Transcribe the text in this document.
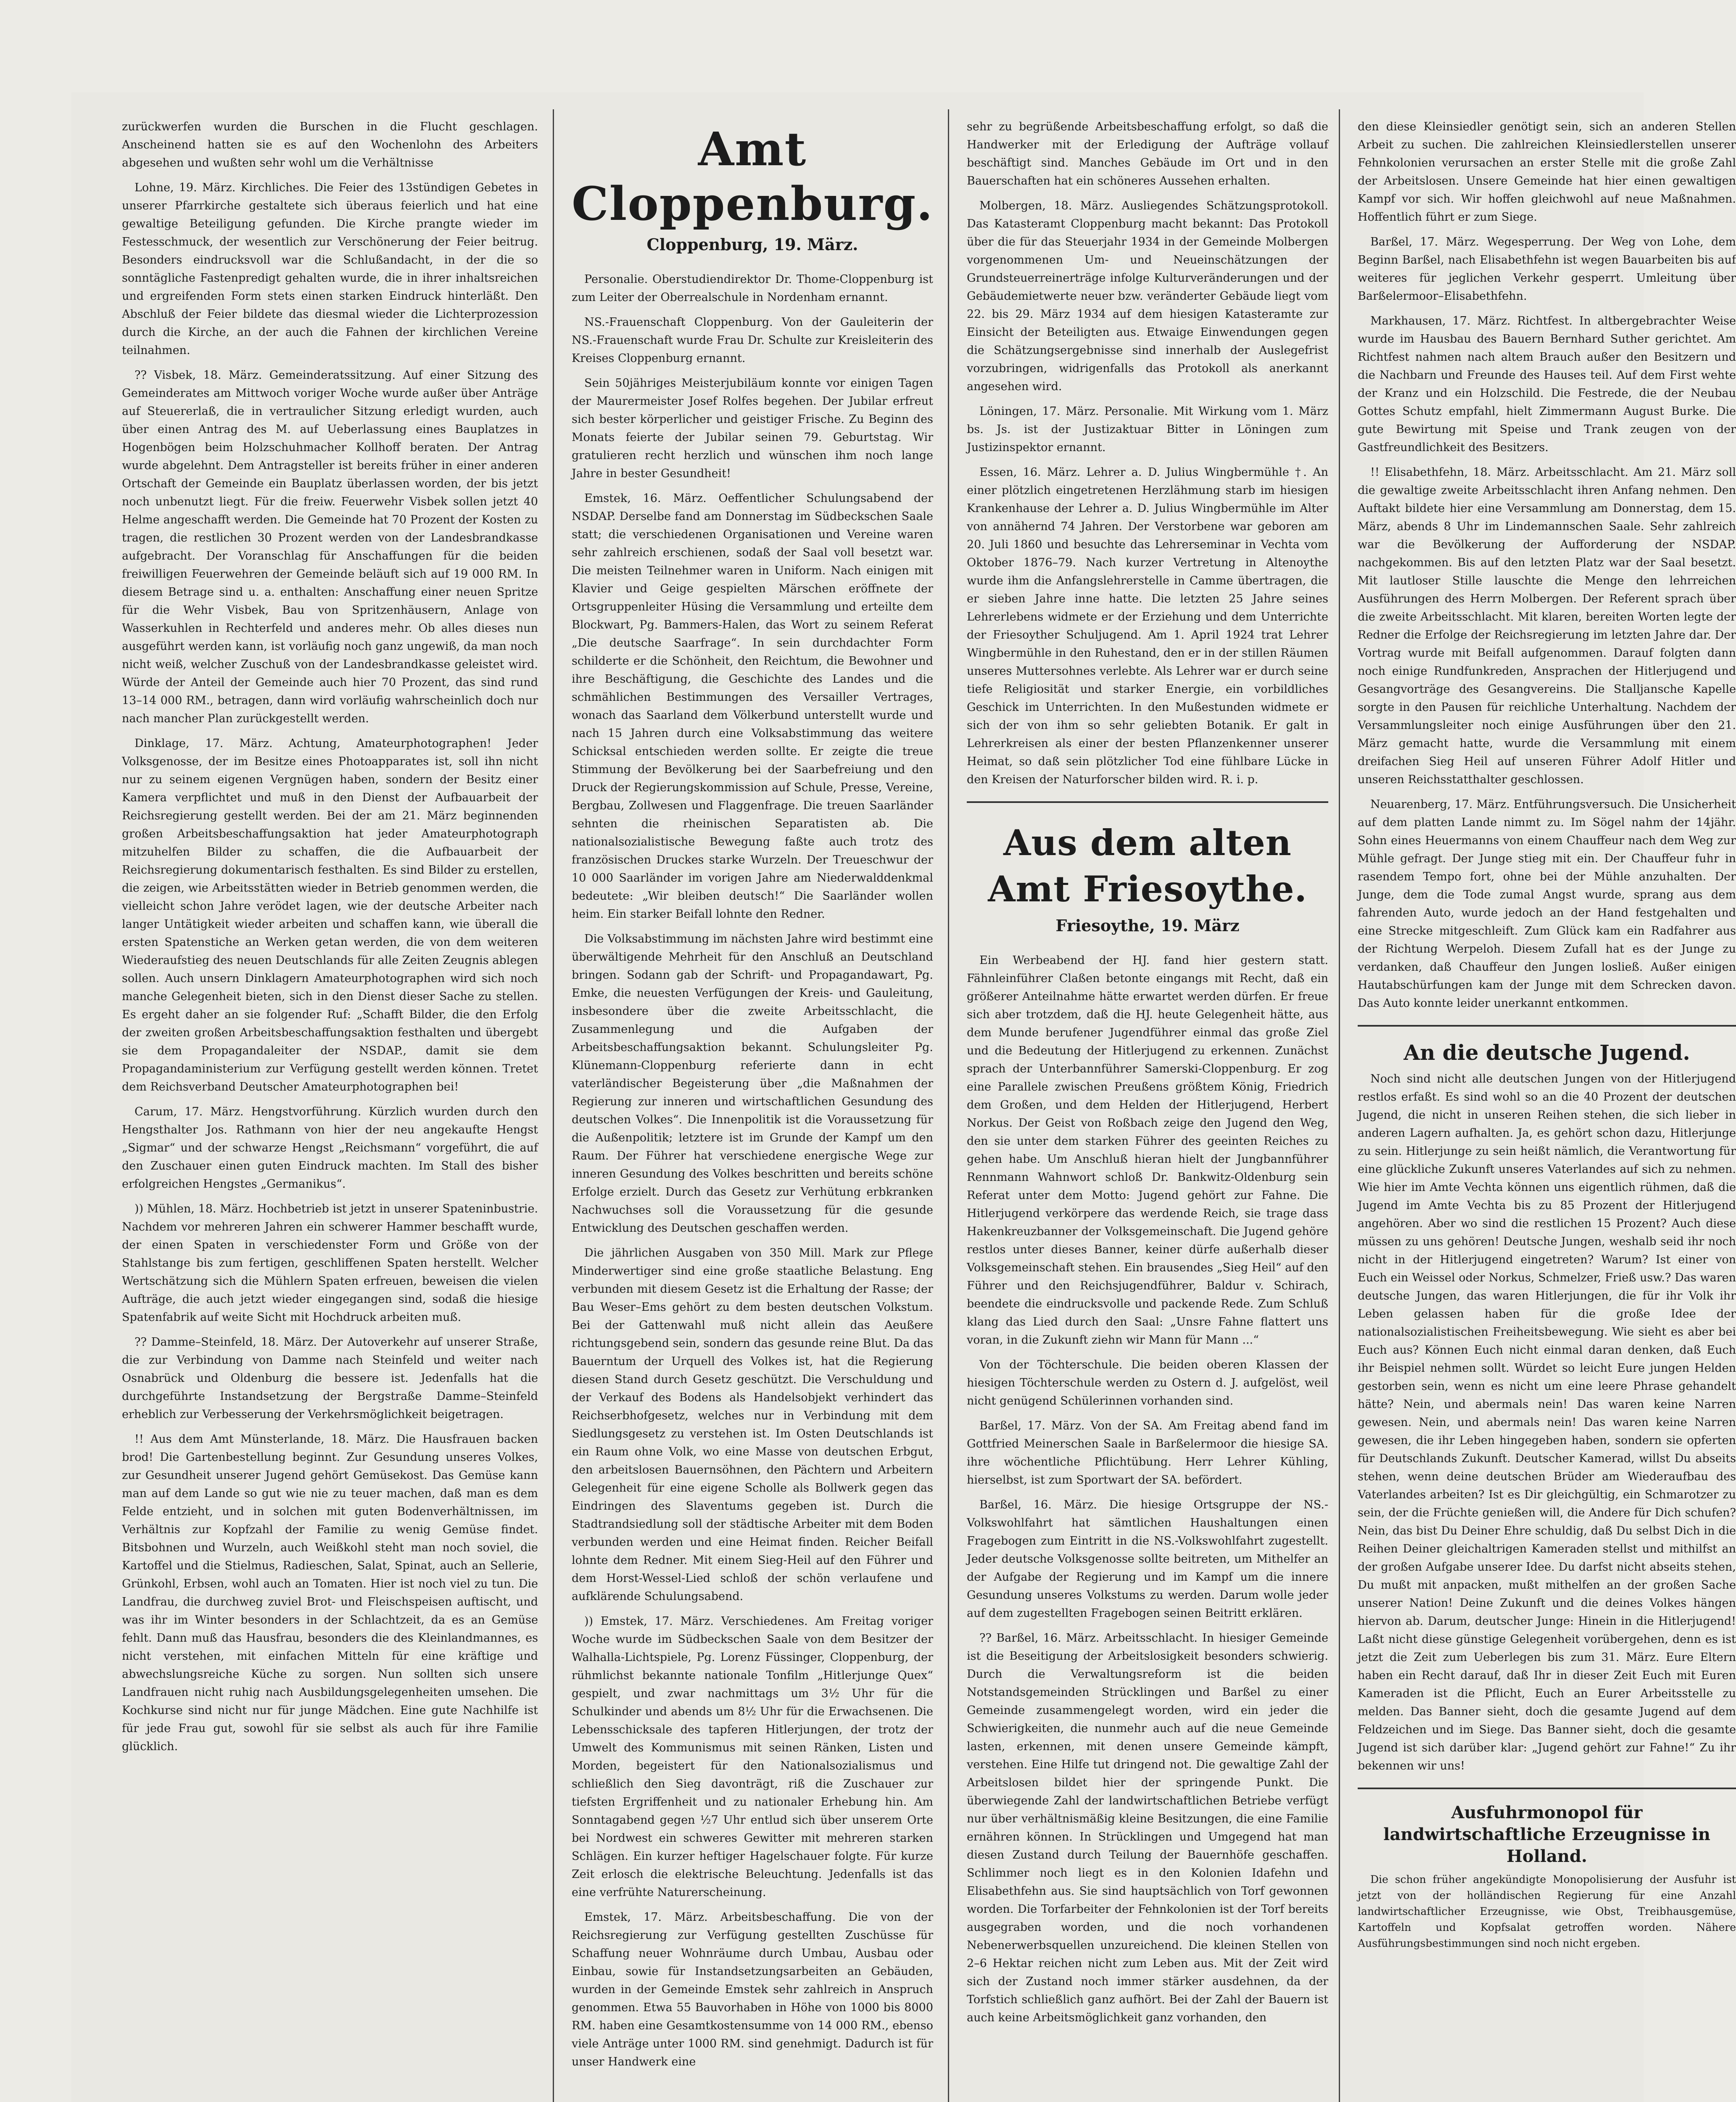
zurückwerfen wurden die Burschen in die Flucht geschlagen. Anscheinend hatten sie es auf den Wochenlohn des Arbeiters abgesehen und wußten sehr wohl um die Verhältnisse

Lohne, 19. März. Kirchliches. Die Feier des 13stündigen Gebetes in unserer Pfarrkirche gestaltete sich überaus feierlich und hat eine gewaltige Beteiligung gefunden. Die Kirche prangte wieder im Festesschmuck, der wesentlich zur Verschönerung der Feier beitrug. Besonders eindrucksvoll war die Schlußandacht, in der die so sonntägliche Fastenpredigt gehalten wurde, die in ihrer inhaltsreichen und ergreifenden Form stets einen starken Eindruck hinterläßt. Den Abschluß der Feier bildete das diesmal wieder die Lichterprozession durch die Kirche, an der auch die Fahnen der kirchlichen Vereine teilnahmen.

?? Visbek, 18. März. Gemeinderatssitzung. Auf einer Sitzung des Gemeinderates am Mittwoch voriger Woche wurde außer über Anträge auf Steuererlaß, die in vertraulicher Sitzung erledigt wurden, auch über einen Antrag des M. auf Ueberlassung eines Bauplatzes in Hogenbögen beim Holzschuhmacher Kollhoff beraten. Der Antrag wurde abgelehnt. Dem Antragsteller ist bereits früher in einer anderen Ortschaft der Gemeinde ein Bauplatz überlassen worden, der bis jetzt noch unbenutzt liegt. Für die freiw. Feuerwehr Visbek sollen jetzt 40 Helme angeschafft werden. Die Gemeinde hat 70 Prozent der Kosten zu tragen, die restlichen 30 Prozent werden von der Landesbrandkasse aufgebracht. Der Voranschlag für Anschaffungen für die beiden freiwilligen Feuerwehren der Gemeinde beläuft sich auf 19 000 RM. In diesem Betrage sind u. a. enthalten: Anschaffung einer neuen Spritze für die Wehr Visbek, Bau von Spritzenhäusern, Anlage von Wasserkuhlen in Rechterfeld und anderes mehr. Ob alles dieses nun ausgeführt werden kann, ist vorläufig noch ganz ungewiß, da man noch nicht weiß, welcher Zuschuß von der Landesbrandkasse geleistet wird. Würde der Anteil der Gemeinde auch hier 70 Prozent, das sind rund 13–14 000 RM., betragen, dann wird vorläufig wahrscheinlich doch nur nach mancher Plan zurückgestellt werden.

Dinklage, 17. März. Achtung, Amateurphotographen! Jeder Volksgenosse, der im Besitze eines Photoapparates ist, soll ihn nicht nur zu seinem eigenen Vergnügen haben, sondern der Besitz einer Kamera verpflichtet und muß in den Dienst der Aufbauarbeit der Reichsregierung gestellt werden. Bei der am 21. März beginnenden großen Arbeitsbeschaffungsaktion hat jeder Amateurphotograph mitzuhelfen Bilder zu schaffen, die die Aufbauarbeit der Reichsregierung dokumentarisch festhalten. Es sind Bilder zu erstellen, die zeigen, wie Arbeitsstätten wieder in Betrieb genommen werden, die vielleicht schon Jahre verödet lagen, wie der deutsche Arbeiter nach langer Untätigkeit wieder arbeiten und schaffen kann, wie überall die ersten Spatenstiche an Werken getan werden, die von dem weiteren Wiederaufstieg des neuen Deutschlands für alle Zeiten Zeugnis ablegen sollen. Auch unsern Dinklagern Amateurphotographen wird sich noch manche Gelegenheit bieten, sich in den Dienst dieser Sache zu stellen. Es ergeht daher an sie folgender Ruf: „Schafft Bilder, die den Erfolg der zweiten großen Arbeitsbeschaffungsaktion festhalten und übergebt sie dem Propagandaleiter der NSDAP., damit sie dem Propagandaministerium zur Verfügung gestellt werden können. Tretet dem Reichsverband Deutscher Amateurphotographen bei!

Carum, 17. März. Hengstvorführung. Kürzlich wurden durch den Hengsthalter Jos. Rathmann von hier der neu angekaufte Hengst „Sigmar“ und der schwarze Hengst „Reichsmann“ vorgeführt, die auf den Zuschauer einen guten Eindruck machten. Im Stall des bisher erfolgreichen Hengstes „Germanikus“.

)) Mühlen, 18. März. Hochbetrieb ist jetzt in unserer Spateninbustrie. Nachdem vor mehreren Jahren ein schwerer Hammer beschafft wurde, der einen Spaten in verschiedenster Form und Größe von der Stahlstange bis zum fertigen, geschliffenen Spaten herstellt. Welcher Wertschätzung sich die Mühlern Spaten erfreuen, beweisen die vielen Aufträge, die auch jetzt wieder eingegangen sind, sodaß die hiesige Spatenfabrik auf weite Sicht mit Hochdruck arbeiten muß.

?? Damme–Steinfeld, 18. März. Der Autoverkehr auf unserer Straße, die zur Verbindung von Damme nach Steinfeld und weiter nach Osnabrück und Oldenburg die bessere ist. Jedenfalls hat die durchgeführte Instandsetzung der Bergstraße Damme–Steinfeld erheblich zur Verbesserung der Verkehrsmöglichkeit beigetragen.

!! Aus dem Amt Münsterlande, 18. März. Die Hausfrauen backen brod! Die Gartenbestellung beginnt. Zur Gesundung unseres Volkes, zur Gesundheit unserer Jugend gehört Gemüsekost. Das Gemüse kann man auf dem Lande so gut wie nie zu teuer machen, daß man es dem Felde entzieht, und in solchen mit guten Bodenverhältnissen, im Verhältnis zur Kopfzahl der Familie zu wenig Gemüse findet. Bitsbohnen und Wurzeln, auch Weißkohl steht man noch soviel, die Kartoffel und die Stielmus, Radieschen, Salat, Spinat, auch an Sellerie, Grünkohl, Erbsen, wohl auch an Tomaten. Hier ist noch viel zu tun. Die Landfrau, die durchweg zuviel Brot- und Fleischspeisen auftischt, und was ihr im Winter besonders in der Schlachtzeit, da es an Gemüse fehlt. Dann muß das Hausfrau, besonders die des Kleinlandmannes, es nicht verstehen, mit einfachen Mitteln für eine kräftige und abwechslungsreiche Küche zu sorgen. Nun sollten sich unsere Landfrauen nicht ruhig nach Ausbildungsgelegenheiten umsehen. Die Kochkurse sind nicht nur für junge Mädchen. Eine gute Nachhilfe ist für jede Frau gut, sowohl für sie selbst als auch für ihre Familie glücklich.

Amt Cloppenburg.
Cloppenburg, 19. März.

Personalie. Oberstudiendirektor Dr. Thome-Cloppenburg ist zum Leiter der Oberrealschule in Nordenham ernannt.

NS.-Frauenschaft Cloppenburg. Von der Gauleiterin der NS.-Frauenschaft wurde Frau Dr. Schulte zur Kreisleiterin des Kreises Cloppenburg ernannt.

Sein 50jähriges Meisterjubiläum konnte vor einigen Tagen der Maurermeister Josef Rolfes begehen. Der Jubilar erfreut sich bester körperlicher und geistiger Frische. Zu Beginn des Monats feierte der Jubilar seinen 79. Geburtstag. Wir gratulieren recht herzlich und wünschen ihm noch lange Jahre in bester Gesundheit!

Emstek, 16. März. Oeffentlicher Schulungsabend der NSDAP. Derselbe fand am Donnerstag im Südbeckschen Saale statt; die verschiedenen Organisationen und Vereine waren sehr zahlreich erschienen, sodaß der Saal voll besetzt war. Die meisten Teilnehmer waren in Uniform. Nach einigen mit Klavier und Geige gespielten Märschen eröffnete der Ortsgruppenleiter Hüsing die Versammlung und erteilte dem Blockwart, Pg. Bammers-Halen, das Wort zu seinem Referat „Die deutsche Saarfrage“. In sein durchdachter Form schilderte er die Schönheit, den Reichtum, die Bewohner und ihre Beschäftigung, die Geschichte des Landes und die schmählichen Bestimmungen des Versailler Vertrages, wonach das Saarland dem Völkerbund unterstellt wurde und nach 15 Jahren durch eine Volksabstimmung das weitere Schicksal entschieden werden sollte. Er zeigte die treue Stimmung der Bevölkerung bei der Saarbefreiung und den Druck der Regierungskommission auf Schule, Presse, Vereine, Bergbau, Zollwesen und Flaggenfrage. Die treuen Saarländer sehnten die rheinischen Separatisten ab. Die nationalsozialistische Bewegung faßte auch trotz des französischen Druckes starke Wurzeln. Der Treueschwur der 10 000 Saarländer im vorigen Jahre am Niederwalddenkmal bedeutete: „Wir bleiben deutsch!“ Die Saarländer wollen heim. Ein starker Beifall lohnte den Redner.

Die Volksabstimmung im nächsten Jahre wird bestimmt eine überwältigende Mehrheit für den Anschluß an Deutschland bringen. Sodann gab der Schrift- und Propagandawart, Pg. Emke, die neuesten Verfügungen der Kreis- und Gauleitung, insbesondere über die zweite Arbeitsschlacht, die Zusammenlegung und die Aufgaben der Arbeitsbeschaffungsaktion bekannt. Schulungsleiter Pg. Klünemann-Cloppenburg referierte dann in echt vaterländischer Begeisterung über „die Maßnahmen der Regierung zur inneren und wirtschaftlichen Gesundung des deutschen Volkes“. Die Innenpolitik ist die Voraussetzung für die Außenpolitik; letztere ist im Grunde der Kampf um den Raum. Der Führer hat verschiedene energische Wege zur inneren Gesundung des Volkes beschritten und bereits schöne Erfolge erzielt. Durch das Gesetz zur Verhütung erbkranken Nachwuchses soll die Voraussetzung für die gesunde Entwicklung des Deutschen geschaffen werden.

Die jährlichen Ausgaben von 350 Mill. Mark zur Pflege Minderwertiger sind eine große staatliche Belastung. Eng verbunden mit diesem Gesetz ist die Erhaltung der Rasse; der Bau Weser–Ems gehört zu dem besten deutschen Volkstum. Bei der Gattenwahl muß nicht allein das Aeußere richtungsgebend sein, sondern das gesunde reine Blut. Da das Bauerntum der Urquell des Volkes ist, hat die Regierung diesen Stand durch Gesetz geschützt. Die Verschuldung und der Verkauf des Bodens als Handelsobjekt verhindert das Reichserbhofgesetz, welches nur in Verbindung mit dem Siedlungsgesetz zu verstehen ist. Im Osten Deutschlands ist ein Raum ohne Volk, wo eine Masse von deutschen Erbgut, den arbeitslosen Bauernsöhnen, den Pächtern und Arbeitern Gelegenheit für eine eigene Scholle als Bollwerk gegen das Eindringen des Slaventums gegeben ist. Durch die Stadtrandsiedlung soll der städtische Arbeiter mit dem Boden verbunden werden und eine Heimat finden. Reicher Beifall lohnte dem Redner. Mit einem Sieg-Heil auf den Führer und dem Horst-Wessel-Lied schloß der schön verlaufene und aufklärende Schulungsabend.

)) Emstek, 17. März. Verschiedenes. Am Freitag voriger Woche wurde im Südbeckschen Saale von dem Besitzer der Walhalla-Lichtspiele, Pg. Lorenz Füssinger, Cloppenburg, der rühmlichst bekannte nationale Tonfilm „Hitlerjunge Quex“ gespielt, und zwar nachmittags um 3½ Uhr für die Schulkinder und abends um 8½ Uhr für die Erwachsenen. Die Lebensschicksale des tapferen Hitlerjungen, der trotz der Umwelt des Kommunismus mit seinen Ränken, Listen und Morden, begeistert für den Nationalsozialismus und schließlich den Sieg davonträgt, riß die Zuschauer zur tiefsten Ergriffenheit und zu nationaler Erhebung hin. Am Sonntagabend gegen ½7 Uhr entlud sich über unserem Orte bei Nordwest ein schweres Gewitter mit mehreren starken Schlägen. Ein kurzer heftiger Hagelschauer folgte. Für kurze Zeit erlosch die elektrische Beleuchtung. Jedenfalls ist das eine verfrühte Naturerscheinung.

Emstek, 17. März. Arbeitsbeschaffung. Die von der Reichsregierung zur Verfügung gestellten Zuschüsse für Schaffung neuer Wohnräume durch Umbau, Ausbau oder Einbau, sowie für Instandsetzungsarbeiten an Gebäuden, wurden in der Gemeinde Emstek sehr zahlreich in Anspruch genommen. Etwa 55 Bauvorhaben in Höhe von 1000 bis 8000 RM. haben eine Gesamtkostensumme von 14 000 RM., ebenso viele Anträge unter 1000 RM. sind genehmigt. Dadurch ist für unser Handwerk eine

sehr zu begrüßende Arbeitsbeschaffung erfolgt, so daß die Handwerker mit der Erledigung der Aufträge vollauf beschäftigt sind. Manches Gebäude im Ort und in den Bauerschaften hat ein schöneres Aussehen erhalten.

Molbergen, 18. März. Ausliegendes Schätzungsprotokoll. Das Katasteramt Cloppenburg macht bekannt: Das Protokoll über die für das Steuerjahr 1934 in der Gemeinde Molbergen vorgenommenen Um- und Neueinschätzungen der Grundsteuerreinerträge infolge Kulturveränderungen und der Gebäudemietwerte neuer bzw. veränderter Gebäude liegt vom 22. bis 29. März 1934 auf dem hiesigen Katasteramte zur Einsicht der Beteiligten aus. Etwaige Einwendungen gegen die Schätzungsergebnisse sind innerhalb der Auslegefrist vorzubringen, widrigenfalls das Protokoll als anerkannt angesehen wird.

Löningen, 17. März. Personalie. Mit Wirkung vom 1. März bs. Js. ist der Justizaktuar Bitter in Löningen zum Justizinspektor ernannt.

Essen, 16. März. Lehrer a. D. Julius Wingbermühle †. An einer plötzlich eingetretenen Herzlähmung starb im hiesigen Krankenhause der Lehrer a. D. Julius Wingbermühle im Alter von annähernd 74 Jahren. Der Verstorbene war geboren am 20. Juli 1860 und besuchte das Lehrerseminar in Vechta vom Oktober 1876–79. Nach kurzer Vertretung in Altenoythe wurde ihm die Anfangslehrerstelle in Camme übertragen, die er sieben Jahre inne hatte. Die letzten 25 Jahre seines Lehrerlebens widmete er der Erziehung und dem Unterrichte der Friesoyther Schuljugend. Am 1. April 1924 trat Lehrer Wingbermühle in den Ruhestand, den er in der stillen Räumen unseres Muttersohnes verlebte. Als Lehrer war er durch seine tiefe Religiosität und starker Energie, ein vorbildliches Geschick im Unterrichten. In den Mußestunden widmete er sich der von ihm so sehr geliebten Botanik. Er galt in Lehrerkreisen als einer der besten Pflanzenkenner unserer Heimat, so daß sein plötzlicher Tod eine fühlbare Lücke in den Kreisen der Naturforscher bilden wird. R. i. p.

Aus dem alten Amt Friesoythe.
Friesoythe, 19. März

Ein Werbeabend der HJ. fand hier gestern statt. Fähnleinführer Claßen betonte eingangs mit Recht, daß ein größerer Anteilnahme hätte erwartet werden dürfen. Er freue sich aber trotzdem, daß die HJ. heute Gelegenheit hätte, aus dem Munde berufener Jugendführer einmal das große Ziel und die Bedeutung der Hitlerjugend zu erkennen. Zunächst sprach der Unterbannführer Samerski-Cloppenburg. Er zog eine Parallele zwischen Preußens größtem König, Friedrich dem Großen, und dem Helden der Hitlerjugend, Herbert Norkus. Der Geist von Roßbach zeige den Jugend den Weg, den sie unter dem starken Führer des geeinten Reiches zu gehen habe. Um Anschluß hieran hielt der Jungbannführer Rennmann Wahnwort schloß Dr. Bankwitz-Oldenburg sein Referat unter dem Motto: Jugend gehört zur Fahne. Die Hitlerjugend verkörpere das werdende Reich, sie trage dass Hakenkreuzbanner der Volksgemeinschaft. Die Jugend gehöre restlos unter dieses Banner, keiner dürfe außerhalb dieser Volksgemeinschaft stehen. Ein brausendes „Sieg Heil“ auf den Führer und den Reichsjugendführer, Baldur v. Schirach, beendete die eindrucksvolle und packende Rede. Zum Schluß klang das Lied durch den Saal: „Unsre Fahne flattert uns voran, in die Zukunft ziehn wir Mann für Mann ...“

Von der Töchterschule. Die beiden oberen Klassen der hiesigen Töchterschule werden zu Ostern d. J. aufgelöst, weil nicht genügend Schülerinnen vorhanden sind.

Barßel, 17. März. Von der SA. Am Freitag abend fand im Gottfried Meinerschen Saale in Barßelermoor die hiesige SA. ihre wöchentliche Pflichtübung. Herr Lehrer Kühling, hierselbst, ist zum Sportwart der SA. befördert.

Barßel, 16. März. Die hiesige Ortsgruppe der NS.-Volkswohlfahrt hat sämtlichen Haushaltungen einen Fragebogen zum Eintritt in die NS.-Volkswohlfahrt zugestellt. Jeder deutsche Volksgenosse sollte beitreten, um Mithelfer an der Aufgabe der Regierung und im Kampf um die innere Gesundung unseres Volkstums zu werden. Darum wolle jeder auf dem zugestellten Fragebogen seinen Beitritt erklären.

?? Barßel, 16. März. Arbeitsschlacht. In hiesiger Gemeinde ist die Beseitigung der Arbeitslosigkeit besonders schwierig. Durch die Verwaltungsreform ist die beiden Notstandsgemeinden Strücklingen und Barßel zu einer Gemeinde zusammengelegt worden, wird ein jeder die Schwierigkeiten, die nunmehr auch auf die neue Gemeinde lasten, erkennen, mit denen unsere Gemeinde kämpft, verstehen. Eine Hilfe tut dringend not. Die gewaltige Zahl der Arbeitslosen bildet hier der springende Punkt. Die überwiegende Zahl der landwirtschaftlichen Betriebe verfügt nur über verhältnismäßig kleine Besitzungen, die eine Familie ernähren können. In Strücklingen und Umgegend hat man diesen Zustand durch Teilung der Bauernhöfe geschaffen. Schlimmer noch liegt es in den Kolonien Idafehn und Elisabethfehn aus. Sie sind hauptsächlich von Torf gewonnen worden. Die Torfarbeiter der Fehnkolonien ist der Torf bereits ausgegraben worden, und die noch vorhandenen Nebenerwerbsquellen unzureichend. Die kleinen Stellen von 2–6 Hektar reichen nicht zum Leben aus. Mit der Zeit wird sich der Zustand noch immer stärker ausdehnen, da der Torfstich schließlich ganz aufhört. Bei der Zahl der Bauern ist auch keine Arbeitsmöglichkeit ganz vorhanden, den

den diese Kleinsiedler genötigt sein, sich an anderen Stellen Arbeit zu suchen. Die zahlreichen Kleinsiedlerstellen unserer Fehnkolonien verursachen an erster Stelle mit die große Zahl der Arbeitslosen. Unsere Gemeinde hat hier einen gewaltigen Kampf vor sich. Wir hoffen gleichwohl auf neue Maßnahmen. Hoffentlich führt er zum Siege.

Barßel, 17. März. Wegesperrung. Der Weg von Lohe, dem Beginn Barßel, nach Elisabethfehn ist wegen Bauarbeiten bis auf weiteres für jeglichen Verkehr gesperrt. Umleitung über Barßelermoor–Elisabethfehn.

Markhausen, 17. März. Richtfest. In altbergebrachter Weise wurde im Hausbau des Bauern Bernhard Suther gerichtet. Am Richtfest nahmen nach altem Brauch außer den Besitzern und die Nachbarn und Freunde des Hauses teil. Auf dem First wehte der Kranz und ein Holzschild. Die Festrede, die der Neubau Gottes Schutz empfahl, hielt Zimmermann August Burke. Die gute Bewirtung mit Speise und Trank zeugen von der Gastfreundlichkeit des Besitzers.

!! Elisabethfehn, 18. März. Arbeitsschlacht. Am 21. März soll die gewaltige zweite Arbeitsschlacht ihren Anfang nehmen. Den Auftakt bildete hier eine Versammlung am Donnerstag, dem 15. März, abends 8 Uhr im Lindemannschen Saale. Sehr zahlreich war die Bevölkerung der Aufforderung der NSDAP. nachgekommen. Bis auf den letzten Platz war der Saal besetzt. Mit lautloser Stille lauschte die Menge den lehrreichen Ausführungen des Herrn Molbergen. Der Referent sprach über die zweite Arbeitsschlacht. Mit klaren, bereiten Worten legte der Redner die Erfolge der Reichsregierung im letzten Jahre dar. Der Vortrag wurde mit Beifall aufgenommen. Darauf folgten dann noch einige Rundfunkreden, Ansprachen der Hitlerjugend und Gesangvorträge des Gesangvereins. Die Stalljansche Kapelle sorgte in den Pausen für reichliche Unterhaltung. Nachdem der Versammlungsleiter noch einige Ausführungen über den 21. März gemacht hatte, wurde die Versammlung mit einem dreifachen Sieg Heil auf unseren Führer Adolf Hitler und unseren Reichsstatthalter geschlossen.

Neuarenberg, 17. März. Entführungsversuch. Die Unsicherheit auf dem platten Lande nimmt zu. Im Sögel nahm der 14jähr. Sohn eines Heuermanns von einem Chauffeur nach dem Weg zur Mühle gefragt. Der Junge stieg mit ein. Der Chauffeur fuhr in rasendem Tempo fort, ohne bei der Mühle anzuhalten. Der Junge, dem die Tode zumal Angst wurde, sprang aus dem fahrenden Auto, wurde jedoch an der Hand festgehalten und eine Strecke mitgeschleift. Zum Glück kam ein Radfahrer aus der Richtung Werpeloh. Diesem Zufall hat es der Junge zu verdanken, daß Chauffeur den Jungen losließ. Außer einigen Hautabschürfungen kam der Junge mit dem Schrecken davon. Das Auto konnte leider unerkannt entkommen.

An die deutsche Jugend.

Noch sind nicht alle deutschen Jungen von der Hitlerjugend restlos erfaßt. Es sind wohl so an die 40 Prozent der deutschen Jugend, die nicht in unseren Reihen stehen, die sich lieber in anderen Lagern aufhalten. Ja, es gehört schon dazu, Hitlerjunge zu sein. Hitlerjunge zu sein heißt nämlich, die Verantwortung für eine glückliche Zukunft unseres Vaterlandes auf sich zu nehmen. Wie hier im Amte Vechta können uns eigentlich rühmen, daß die Jugend im Amte Vechta bis zu 85 Prozent der Hitlerjugend angehören. Aber wo sind die restlichen 15 Prozent? Auch diese müssen zu uns gehören! Deutsche Jungen, weshalb seid ihr noch nicht in der Hitlerjugend eingetreten? Warum? Ist einer von Euch ein Weissel oder Norkus, Schmelzer, Frieß usw.? Das waren deutsche Jungen, das waren Hitlerjungen, die für ihr Volk ihr Leben gelassen haben für die große Idee der nationalsozialistischen Freiheitsbewegung. Wie sieht es aber bei Euch aus? Können Euch nicht einmal daran denken, daß Euch ihr Beispiel nehmen sollt. Würdet so leicht Eure jungen Helden gestorben sein, wenn es nicht um eine leere Phrase gehandelt hätte? Nein, und abermals nein! Das waren keine Narren gewesen. Nein, und abermals nein! Das waren keine Narren gewesen, die ihr Leben hingegeben haben, sondern sie opferten für Deutschlands Zukunft. Deutscher Kamerad, willst Du abseits stehen, wenn deine deutschen Brüder am Wiederaufbau des Vaterlandes arbeiten? Ist es Dir gleichgültig, ein Schmarotzer zu sein, der die Früchte genießen will, die Andere für Dich schufen? Nein, das bist Du Deiner Ehre schuldig, daß Du selbst Dich in die Reihen Deiner gleichaltrigen Kameraden stellst und mithilfst an der großen Aufgabe unserer Idee. Du darfst nicht abseits stehen, Du mußt mit anpacken, mußt mithelfen an der großen Sache unserer Nation! Deine Zukunft und die deines Volkes hängen hiervon ab. Darum, deutscher Junge: Hinein in die Hitlerjugend! Laßt nicht diese günstige Gelegenheit vorübergehen, denn es ist jetzt die Zeit zum Ueberlegen bis zum 31. März. Eure Eltern haben ein Recht darauf, daß Ihr in dieser Zeit Euch mit Euren Kameraden ist die Pflicht, Euch an Eurer Arbeitsstelle zu melden. Das Banner sieht, doch die gesamte Jugend auf dem Feldzeichen und im Siege. Das Banner sieht, doch die gesamte Jugend ist sich darüber klar: „Jugend gehört zur Fahne!“ Zu ihr bekennen wir uns!

Ausfuhrmonopol für landwirtschaftliche Erzeugnisse in Holland.

Die schon früher angekündigte Monopolisierung der Ausfuhr ist jetzt von der holländischen Regierung für eine Anzahl landwirtschaftlicher Erzeugnisse, wie Obst, Treibhausgemüse, Kartoffeln und Kopfsalat getroffen worden. Nähere Ausführungsbestimmungen sind noch nicht ergeben.
